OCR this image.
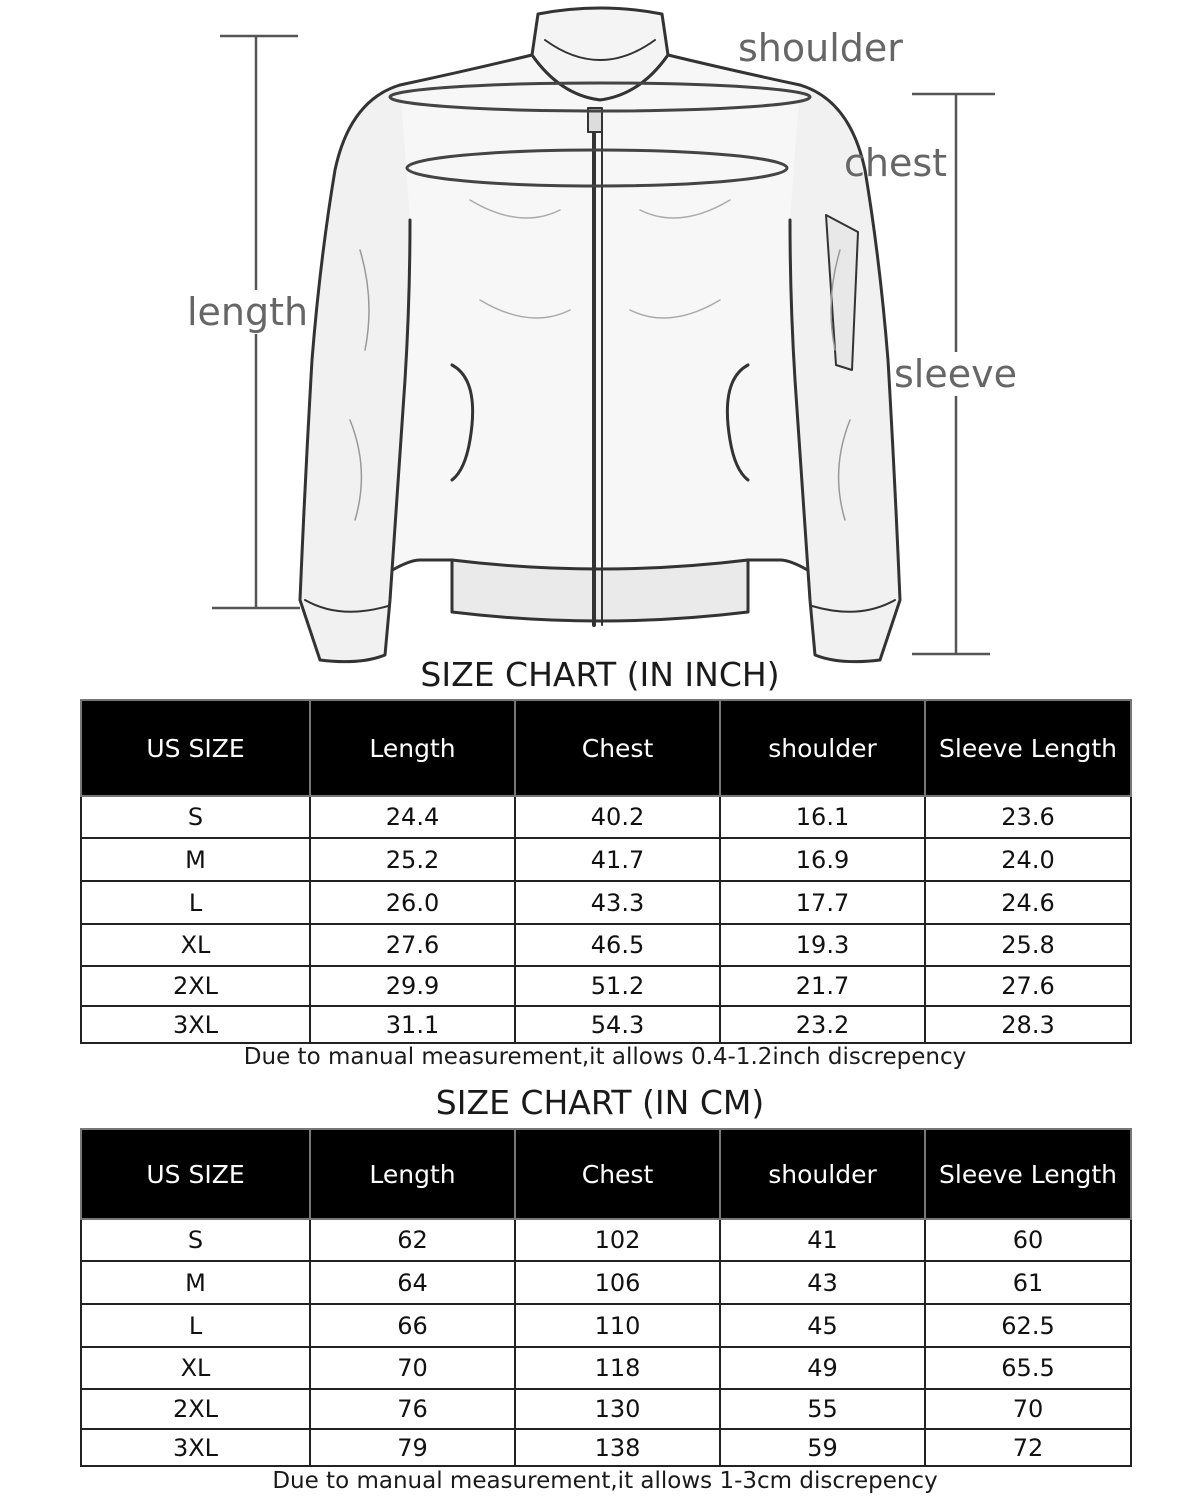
shoulder
chest
length
sleeve
SIZE CHART (IN INCH)
US SIZE	Length	Chest	shoulder	Sleeve Length
S	24.4	40.2	16.1	23.6
M	25.2	41.7	16.9	24.0
L	26.0	43.3	17.7	24.6
XL	27.6	46.5	19.3	25.8
2XL	29.9	51.2	21.7	27.6
3XL	31.1	54.3	23.2	28.3
Due to manual measurement,it allows 0.4-1.2inch discrepency
SIZE CHART (IN CM)
US SIZE	Length	Chest	shoulder	Sleeve Length
S	62	102	41	60
M	64	106	43	61
L	66	110	45	62.5
XL	70	118	49	65.5
2XL	76	130	55	70
3XL	79	138	59	72
Due to manual measurement,it allows 1-3cm discrepency
